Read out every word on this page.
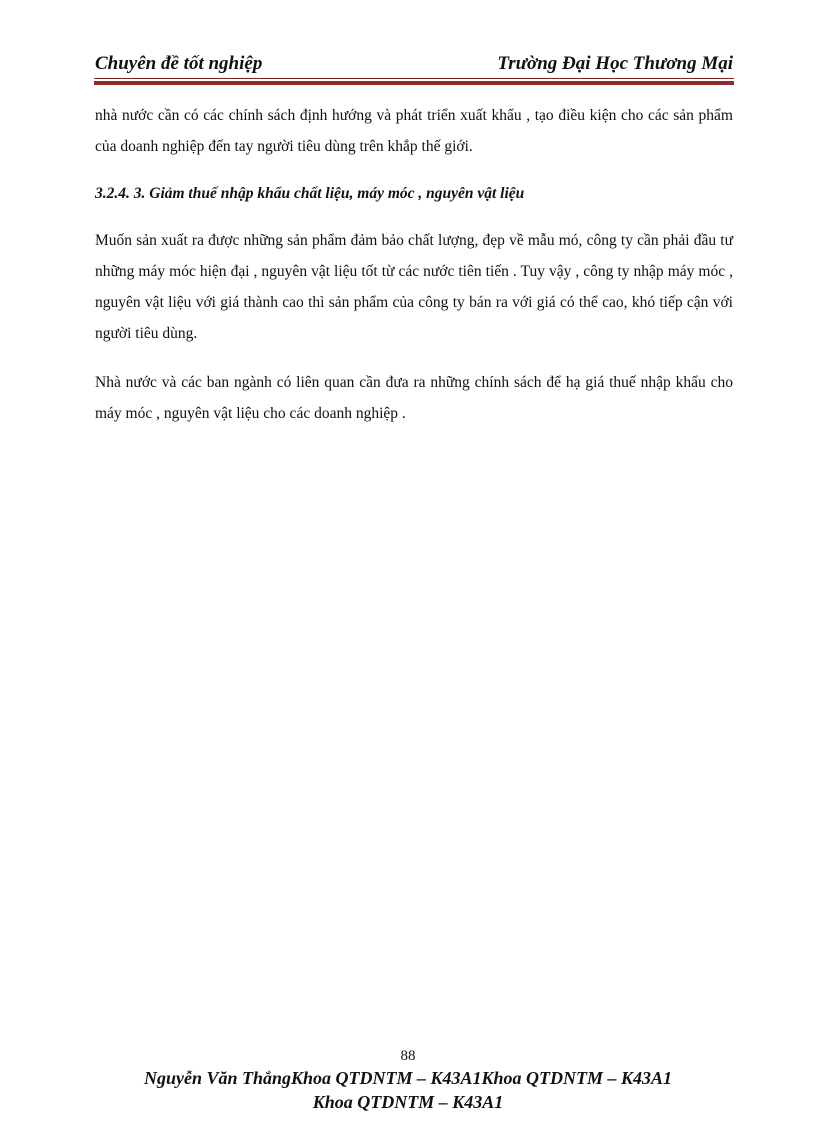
Chuyên đề tốt nghiệp	Trường Đại Học Thương Mại

nhà nước cần có các chính sách định hướng và phát triển xuất khẩu , tạo điều kiện cho các sản phẩm của doanh nghiệp đến tay người tiêu dùng trên khắp thế giới.

3.2.4. 3. Giảm thuế nhập khẩu chất liệu, máy móc , nguyên vật liệu

Muốn sản xuất ra được những sản phẩm đảm bảo chất lượng, đẹp về mẫu mó, công ty cần phải đầu tư những máy móc hiện đại , nguyên vật liệu tốt từ các nước tiên tiến . Tuy vậy , công ty nhập máy móc , nguyên vật liệu với giá thành cao thì sản phẩm của công ty bán ra với giá có thể cao, khó tiếp cận với người tiêu dùng.

Nhà nước và các ban ngành có liên quan cần đưa ra những chính sách để hạ giá thuế nhập khẩu cho máy móc , nguyên vật liệu cho các doanh nghiệp .

88
Nguyễn Văn ThắngKhoa QTDNTM – K43A1Khoa QTDNTM – K43A1
Khoa QTDNTM – K43A1
